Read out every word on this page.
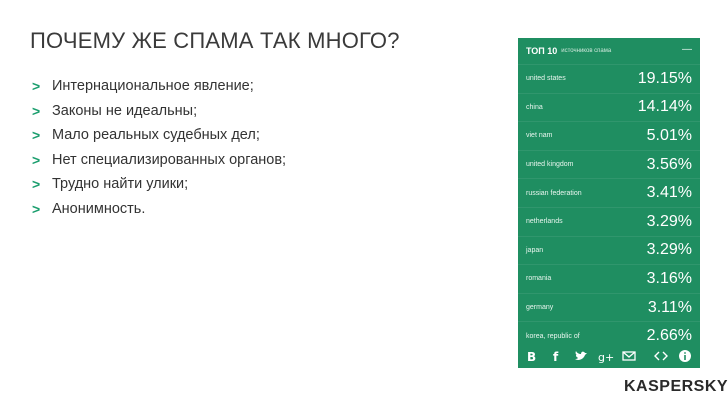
ПОЧЕМУ ЖЕ СПАМА ТАК МНОГО?
> Интернациональное явление;
> Законы не идеальны;
> Мало реальных судебных дел;
> Нет специализированных органов;
> Трудно найти улики;
> Анонимность.
ТОП 10 источников спама	—
united states	19.15%
china	14.14%
viet nam	5.01%
united kingdom	3.56%
russian federation	3.41%
netherlands	3.29%
japan	3.29%
romania	3.16%
germany	3.11%
korea, republic of	2.66%
В f	g+
KASPERSKY
